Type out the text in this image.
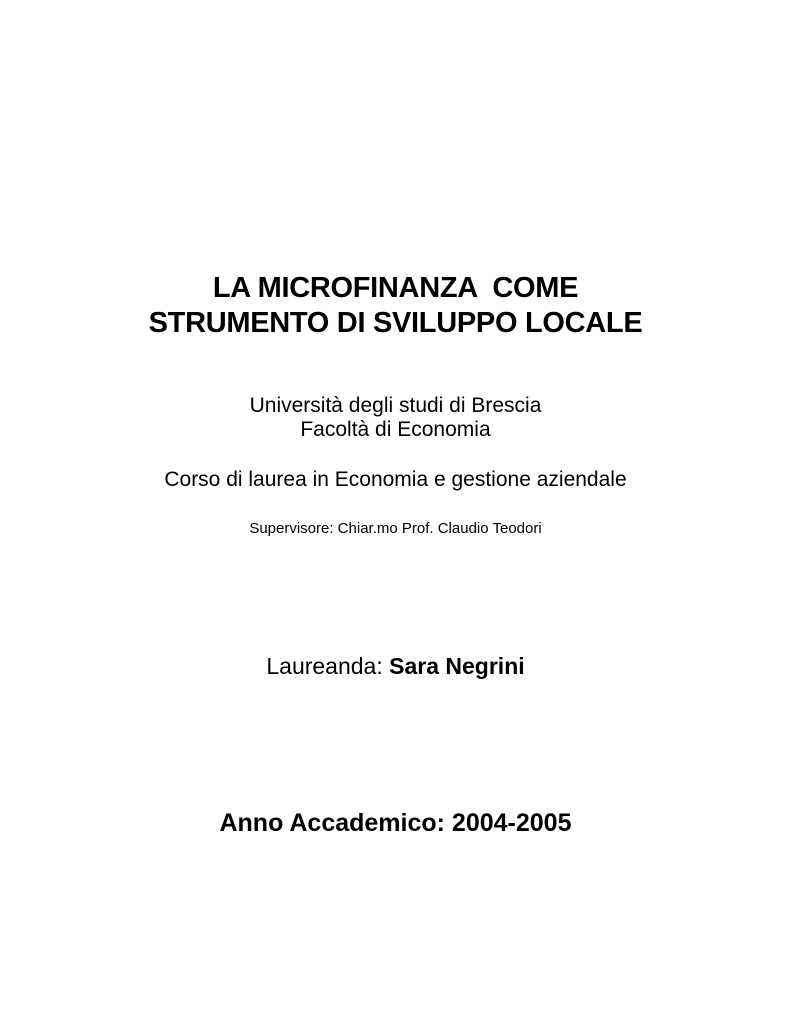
LA MICROFINANZA  COME
STRUMENTO DI SVILUPPO LOCALE
Università degli studi di Brescia
Facoltà di Economia
Corso di laurea in Economia e gestione aziendale
Supervisore: Chiar.mo Prof. Claudio Teodori
Laureanda: Sara Negrini
Anno Accademico: 2004-2005
